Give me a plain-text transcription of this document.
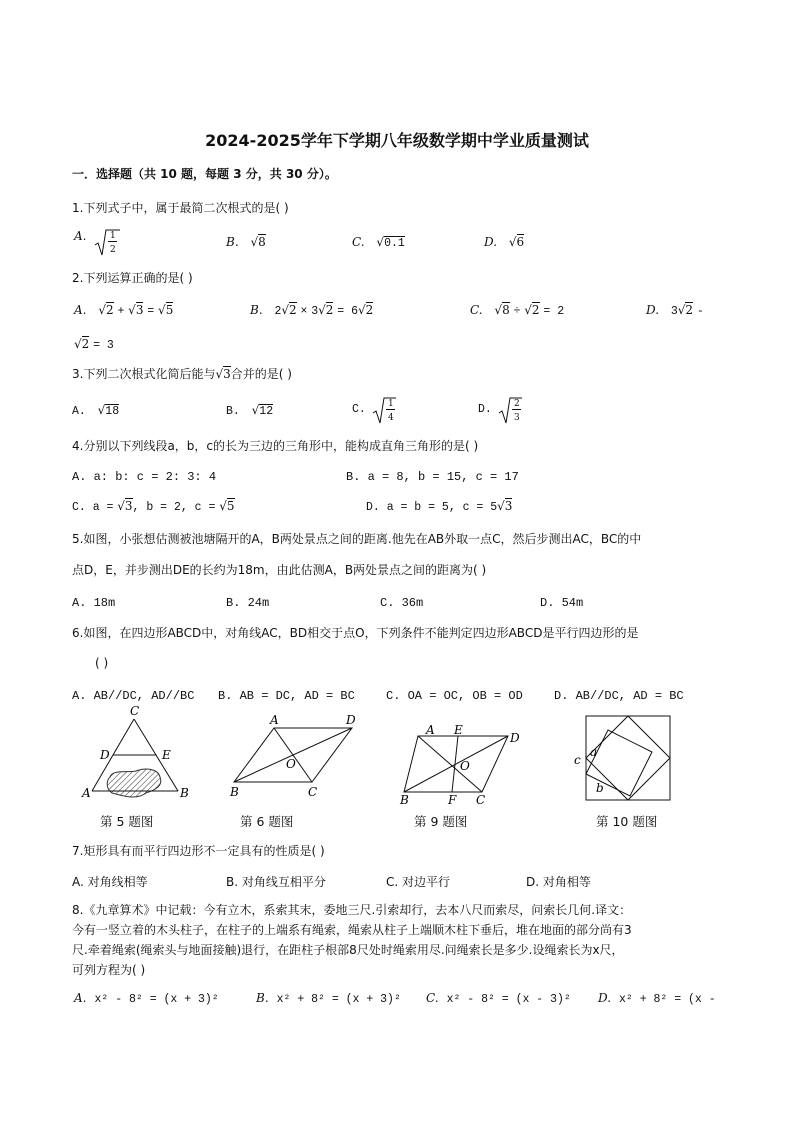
2024-2025学年下学期八年级数学期中学业质量测试
一．选择题（共 10 题，每题 3 分，共 30 分）。
1.下列式子中，属于最简二次根式的是( )
A.	1
2
B. √8	C. √0.1	D. √6
2.下列运算正确的是( )
A. √2 + √3 = √5	B. 2√2 × 3√2 = 6√2	C. √8 ÷ √2 = 2	D. 3√2 -
√2 = 3
3.下列二次根式化简后能与√3合并的是( )
A. √18	B. √12	C. 1
4
D. 2
3
4.分别以下列线段a，b，c的长为三边的三角形中，能构成直角三角形的是( )
A. a: b: c = 2: 3: 4	B. a = 8, b = 15, c = 17
C. a = √3, b = 2, c = √5	D. a = b = 5, c = 5√3
5.如图，小张想估测被池塘隔开的A，B两处景点之间的距离.他先在AB外取一点C，然后步测出AC，BC的中
点D，E，并步测出DE的长约为18m，由此估测A，B两处景点之间的距离为( )
A. 18m	B. 24m	C. 36m	D. 54m
6.如图，在四边形ABCD中，对角线AC，BD相交于点O，下列条件不能判定四边形ABCD是平行四边形的是
( )
A. AB//DC, AD//BC B. AB = DC, AD = BC	C. OA = OC, OB = OD	D. AB//DC, AD = BC
C
D	E
A	B
第 5 题图
A	D
O
B	C
第 6 题图
A E
D
O
B	F C
第 9 题图
c
a
b
第 10 题图
7.矩形具有而平行四边形不一定具有的性质是( )
A. 对角线相等	B. 对角线互相平分	C. 对边平行	D. 对角相等
8.《九章算术》中记载：今有立木，系索其末，委地三尺.引索却行，去本八尺而索尽，问索长几何.译文：
今有一竖立着的木头柱子，在柱子的上端系有绳索，绳索从柱子上端顺木柱下垂后，堆在地面的部分尚有3
尺.牵着绳索(绳索头与地面接触)退行，在距柱子根部8尺处时绳索用尽.问绳索长是多少.设绳索长为x尺，
可列方程为( )
A. x² - 8² = (x + 3)²	B. x² + 8² = (x + 3)² C. x² - 8² = (x - 3)² D. x² + 8² = (x -
